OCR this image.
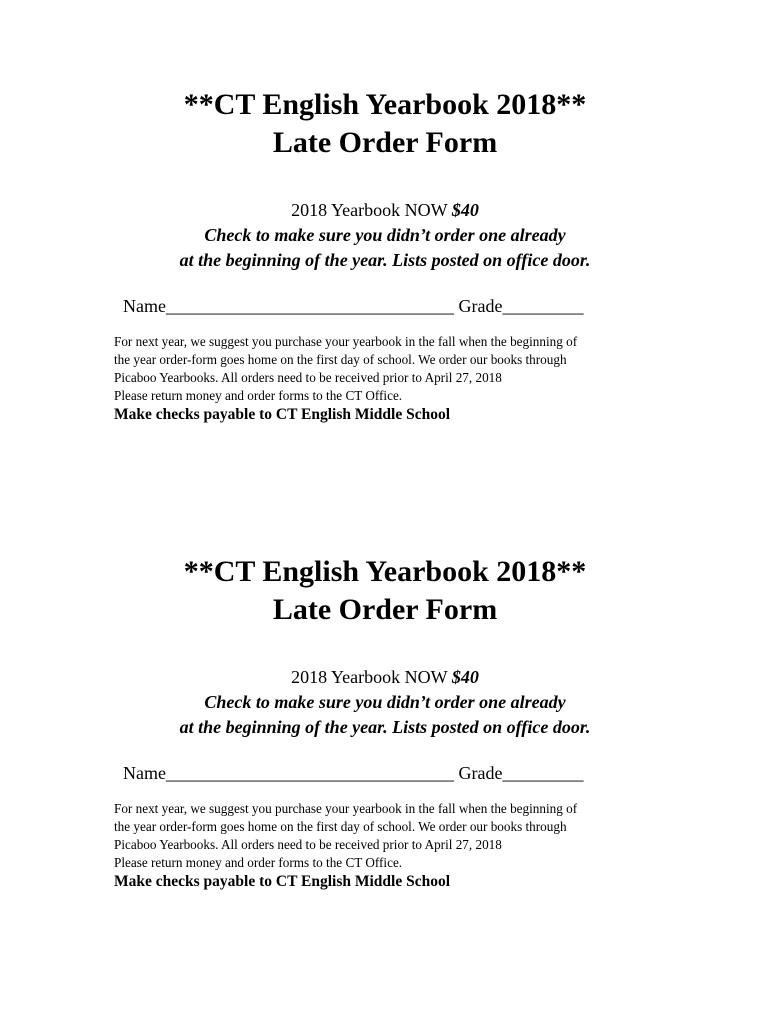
**CT English Yearbook 2018**
Late Order Form
2018 Yearbook NOW $40
Check to make sure you didn’t order one already
at the beginning of the year. Lists posted on office door.
Name________________________________ Grade_________

For next year, we suggest you purchase your yearbook in the fall when the beginning of

the year order-form goes home on the first day of school. We order our books through

Picaboo Yearbooks. All orders need to be received prior to April 27, 2018

Please return money and order forms to the CT Office.

Make checks payable to CT English Middle School
**CT English Yearbook 2018**
Late Order Form
2018 Yearbook NOW $40
Check to make sure you didn’t order one already
at the beginning of the year. Lists posted on office door.
Name________________________________ Grade_________

For next year, we suggest you purchase your yearbook in the fall when the beginning of

the year order-form goes home on the first day of school. We order our books through

Picaboo Yearbooks. All orders need to be received prior to April 27, 2018

Please return money and order forms to the CT Office.

Make checks payable to CT English Middle School
